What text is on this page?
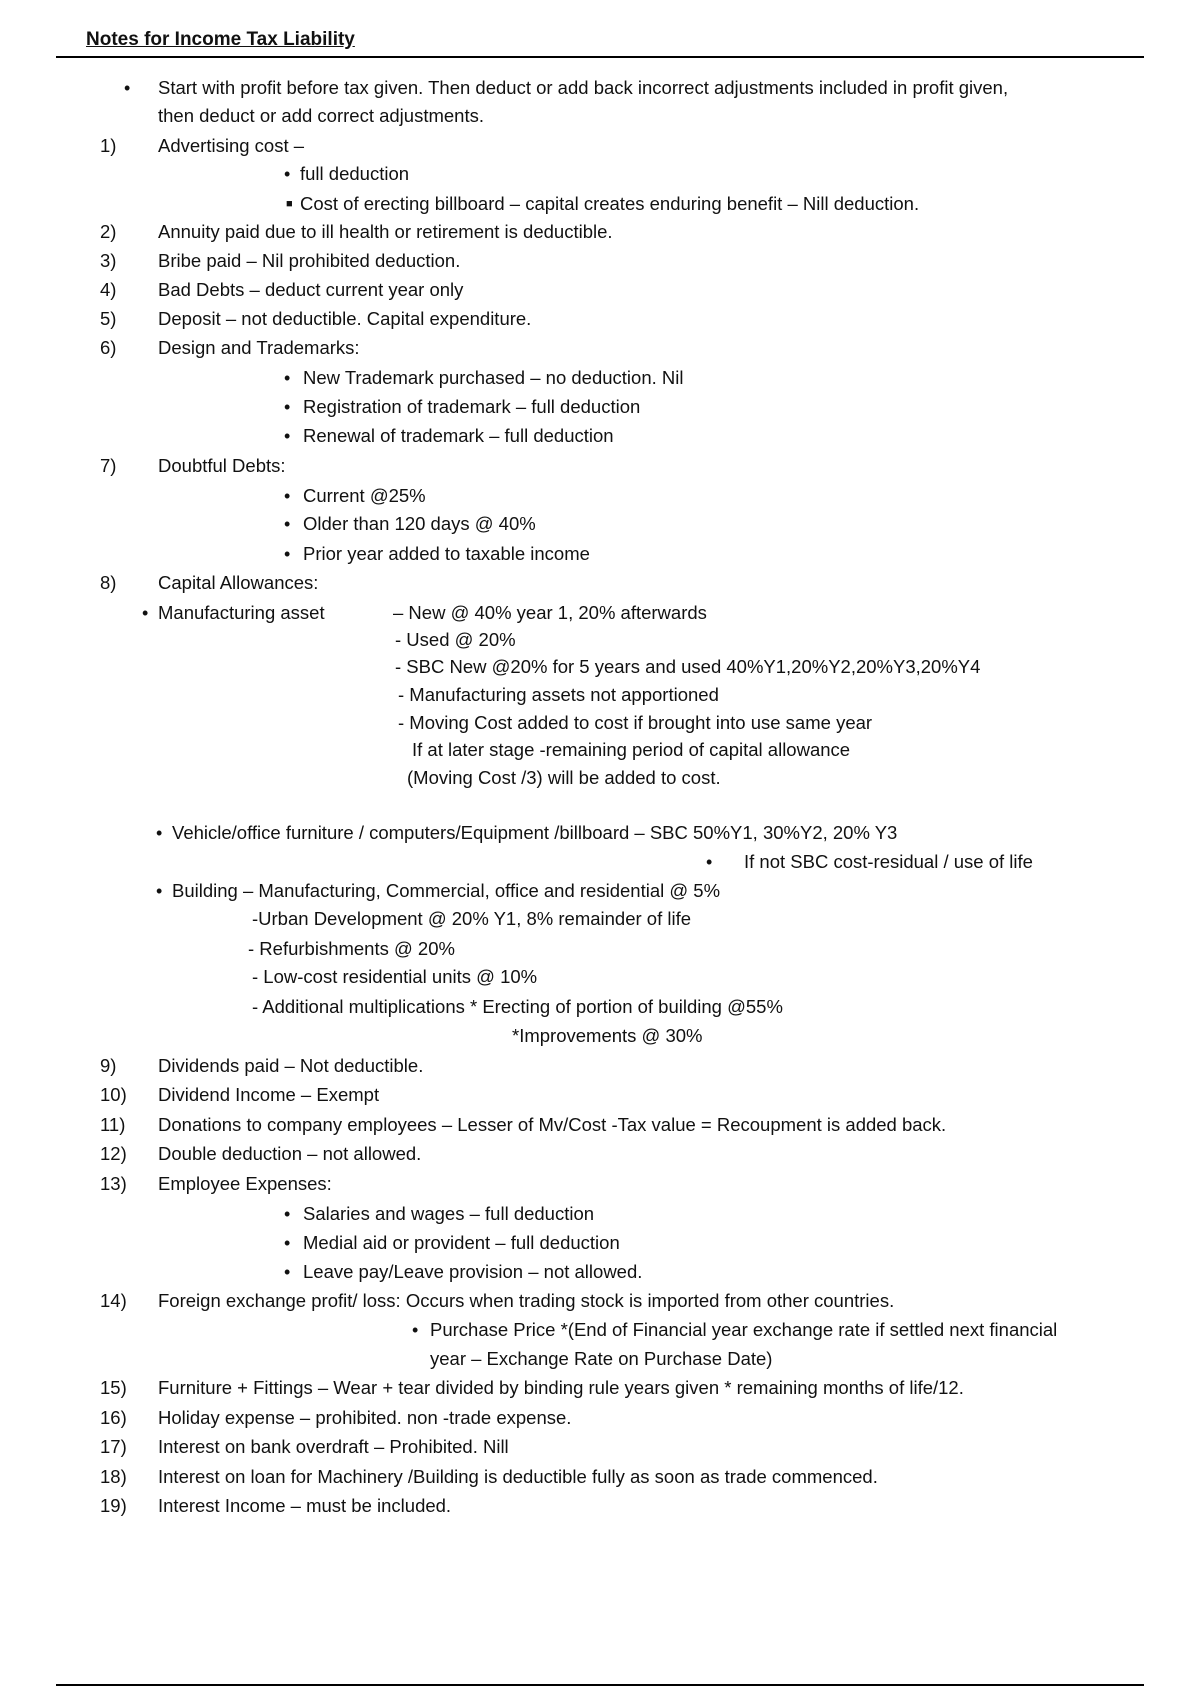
Notes for Income Tax Liability
• Start with profit before tax given. Then deduct or add back incorrect adjustments included in profit given,
then deduct or add correct adjustments.
1) Advertising cost –
• full deduction
■ Cost of erecting billboard – capital creates enduring benefit – Nill deduction.
2) Annuity paid due to ill health or retirement is deductible.
3) Bribe paid – Nil prohibited deduction.
4) Bad Debts – deduct current year only
5) Deposit – not deductible. Capital expenditure.
6) Design and Trademarks:
• New Trademark purchased – no deduction. Nil
• Registration of trademark – full deduction
• Renewal of trademark – full deduction
7) Doubtful Debts:
• Current @25%
• Older than 120 days @ 40%
• Prior year added to taxable income
8) Capital Allowances:
• Manufacturing asset	– New @ 40% year 1, 20% afterwards
- Used @ 20%
- SBC New @20% for 5 years and used 40%Y1,20%Y2,20%Y3,20%Y4
- Manufacturing assets not apportioned
- Moving Cost added to cost if brought into use same year
If at later stage -remaining period of capital allowance
(Moving Cost /3) will be added to cost.
• Vehicle/office furniture / computers/Equipment /billboard – SBC 50%Y1, 30%Y2, 20% Y3
• If not SBC cost-residual / use of life
• Building – Manufacturing, Commercial, office and residential @ 5%
-Urban Development @ 20% Y1, 8% remainder of life
- Refurbishments @ 20%
- Low-cost residential units @ 10%
- Additional multiplications * Erecting of portion of building @55%
*Improvements @ 30%
9) Dividends paid – Not deductible.
10) Dividend Income – Exempt
11) Donations to company employees – Lesser of Mv/Cost -Tax value = Recoupment is added back.
12) Double deduction – not allowed.
13) Employee Expenses:
• Salaries and wages – full deduction
• Medial aid or provident – full deduction
• Leave pay/Leave provision – not allowed.
14) Foreign exchange profit/ loss: Occurs when trading stock is imported from other countries.
• Purchase Price *(End of Financial year exchange rate if settled next financial
year – Exchange Rate on Purchase Date)
15) Furniture + Fittings – Wear + tear divided by binding rule years given * remaining months of life/12.
16) Holiday expense – prohibited. non -trade expense.
17) Interest on bank overdraft – Prohibited. Nill
18) Interest on loan for Machinery /Building is deductible fully as soon as trade commenced.
19) Interest Income – must be included.
